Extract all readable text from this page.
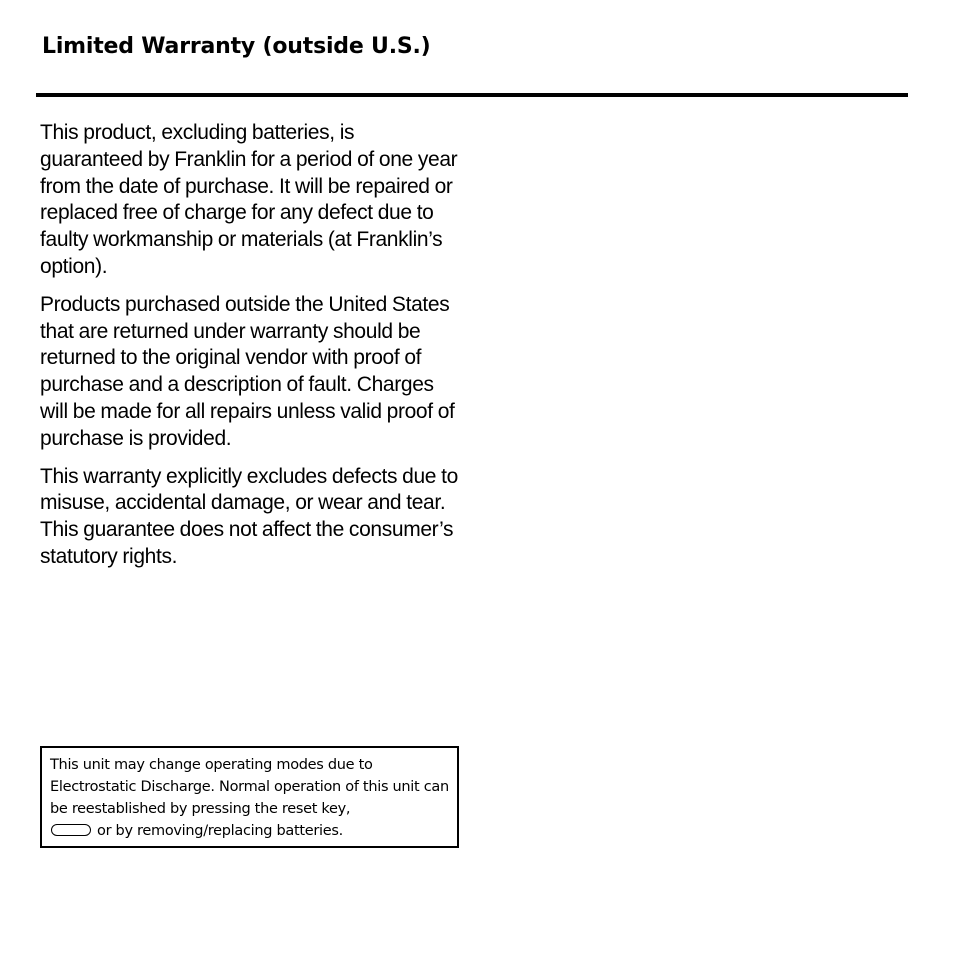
Limited Warranty (outside U.S.)

This product, excluding batteries, is guaranteed by Franklin for a period of one year from the date of purchase. It will be repaired or replaced free of charge for any defect due to faulty workmanship or materials (at Franklin’s option).

Products purchased outside the United States that are returned under warranty should be returned to the original vendor with proof of purchase and a description of fault. Charges will be made for all repairs unless valid proof of purchase is provided.

This warranty explicitly excludes defects due to misuse, accidental damage, or wear and tear. This guarantee does not affect the consumer’s statutory rights.

This unit may change operating modes due to Electrostatic Discharge. Normal operation of this unit can be reestablished by pressing the reset key,
or by removing/replacing batteries.
